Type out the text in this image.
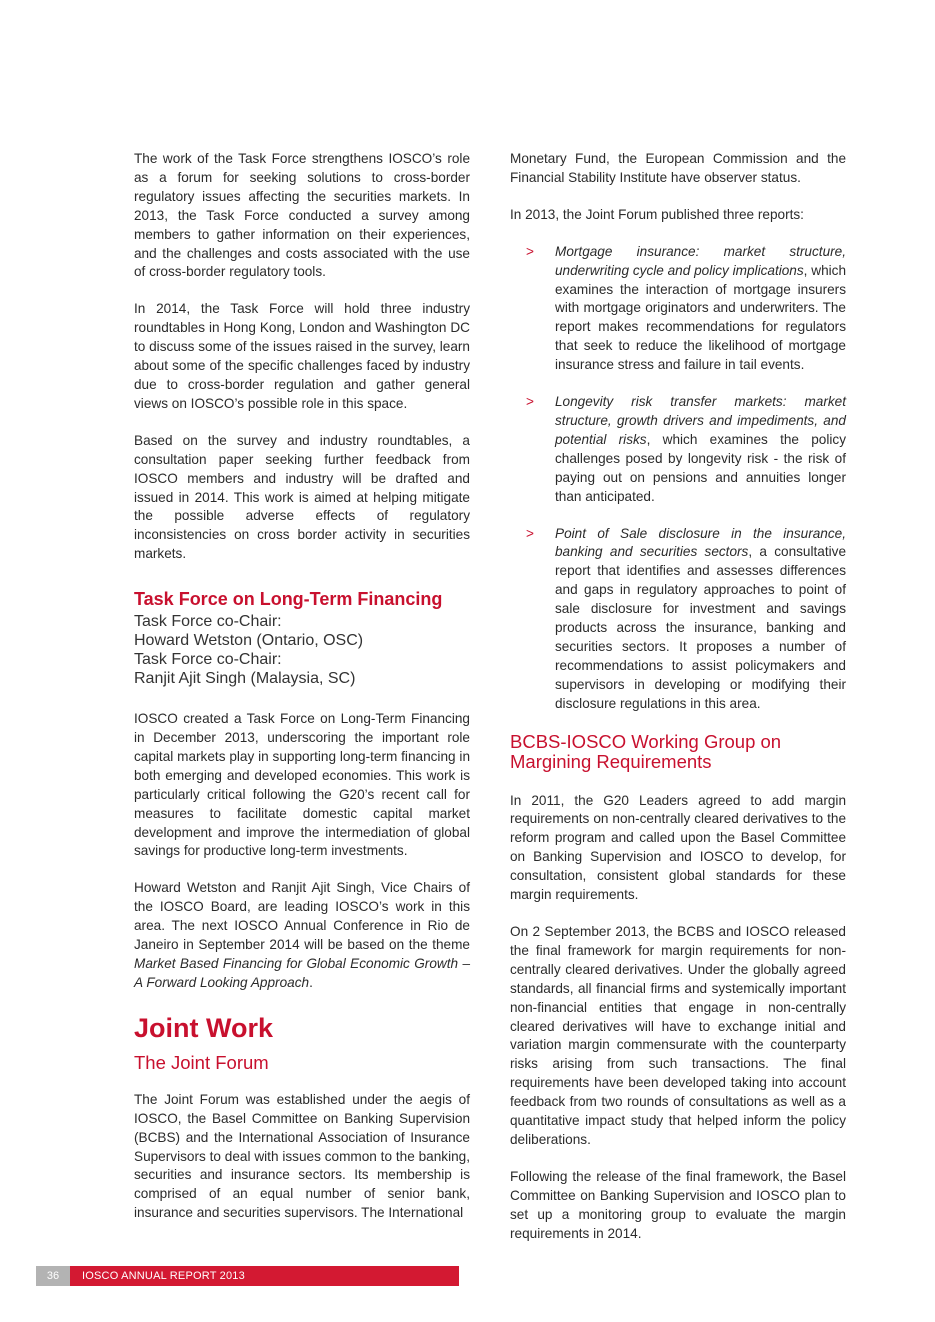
The work of the Task Force strengthens IOSCO’s role as a forum for seeking solutions to cross-border regulatory issues affecting the securities markets. In 2013, the Task Force conducted a survey among members to gather information on their experiences, and the challenges and costs associated with the use of cross-border regulatory tools.

In 2014, the Task Force will hold three industry roundtables in Hong Kong, London and Washington DC to discuss some of the issues raised in the survey, learn about some of the specific challenges faced by industry due to cross-border regulation and gather general views on IOSCO’s possible role in this space.

Based on the survey and industry roundtables, a consultation paper seeking further feedback from IOSCO members and industry will be drafted and issued in 2014. This work is aimed at helping mitigate the possible adverse effects of regulatory inconsistencies on cross border activity in securities markets.

Task Force on Long-Term Financing

Task Force co-Chair:

Howard Wetston (Ontario, OSC)

Task Force co-Chair:

Ranjit Ajit Singh (Malaysia, SC)

IOSCO created a Task Force on Long-Term Financing in December 2013, underscoring the important role capital markets play in supporting long-term financing in both emerging and developed economies. This work is particularly critical following the G20’s recent call for measures to facilitate domestic capital market development and improve the intermediation of global savings for productive long-term investments.

Howard Wetston and Ranjit Ajit Singh, Vice Chairs of the IOSCO Board, are leading IOSCO’s work in this area. The next IOSCO Annual Conference in Rio de Janeiro in September 2014 will be based on the theme Market Based Financing for Global Economic Growth – A Forward Looking Approach.

Joint Work
The Joint Forum

The Joint Forum was established under the aegis of IOSCO, the Basel Committee on Banking Supervision (BCBS) and the International Association of Insurance Supervisors to deal with issues common to the banking, securities and insurance sectors. Its membership is comprised of an equal number of senior bank, insurance and securities supervisors. The International

Monetary Fund, the European Commission and the Financial Stability Institute have observer status.

In 2013, the Joint Forum published three reports:

> Mortgage insurance: market structure, underwriting cycle and policy implications, which examines the interaction of mortgage insurers with mortgage originators and underwriters. The report makes recommendations for regulators that seek to reduce the likelihood of mortgage insurance stress and failure in tail events.
> Longevity risk transfer markets: market structure, growth drivers and impediments, and potential risks, which examines the policy challenges posed by longevity risk - the risk of paying out on pensions and annuities longer than anticipated.
> Point of Sale disclosure in the insurance, banking and securities sectors, a consultative report that identifies and assesses differences and gaps in regulatory approaches to point of sale disclosure for investment and savings products across the insurance, banking and securities sectors. It proposes a number of recommendations to assist policymakers and supervisors in developing or modifying their disclosure regulations in this area.
BCBS-IOSCO Working Group on Margining Requirements

In 2011, the G20 Leaders agreed to add margin requirements on non-centrally cleared derivatives to the reform program and called upon the Basel Committee on Banking Supervision and IOSCO to develop, for consultation, consistent global standards for these margin requirements.

On 2 September 2013, the BCBS and IOSCO released the final framework for margin requirements for non-centrally cleared derivatives. Under the globally agreed standards, all financial firms and systemically important non-financial entities that engage in non-centrally cleared derivatives will have to exchange initial and variation margin commensurate with the counterparty risks arising from such transactions. The final requirements have been developed taking into account feedback from two rounds of consultations as well as a quantitative impact study that helped inform the policy deliberations.

Following the release of the final framework, the Basel Committee on Banking Supervision and IOSCO plan to set up a monitoring group to evaluate the margin requirements in 2014.

36	IOSCO ANNUAL REPORT 2013
